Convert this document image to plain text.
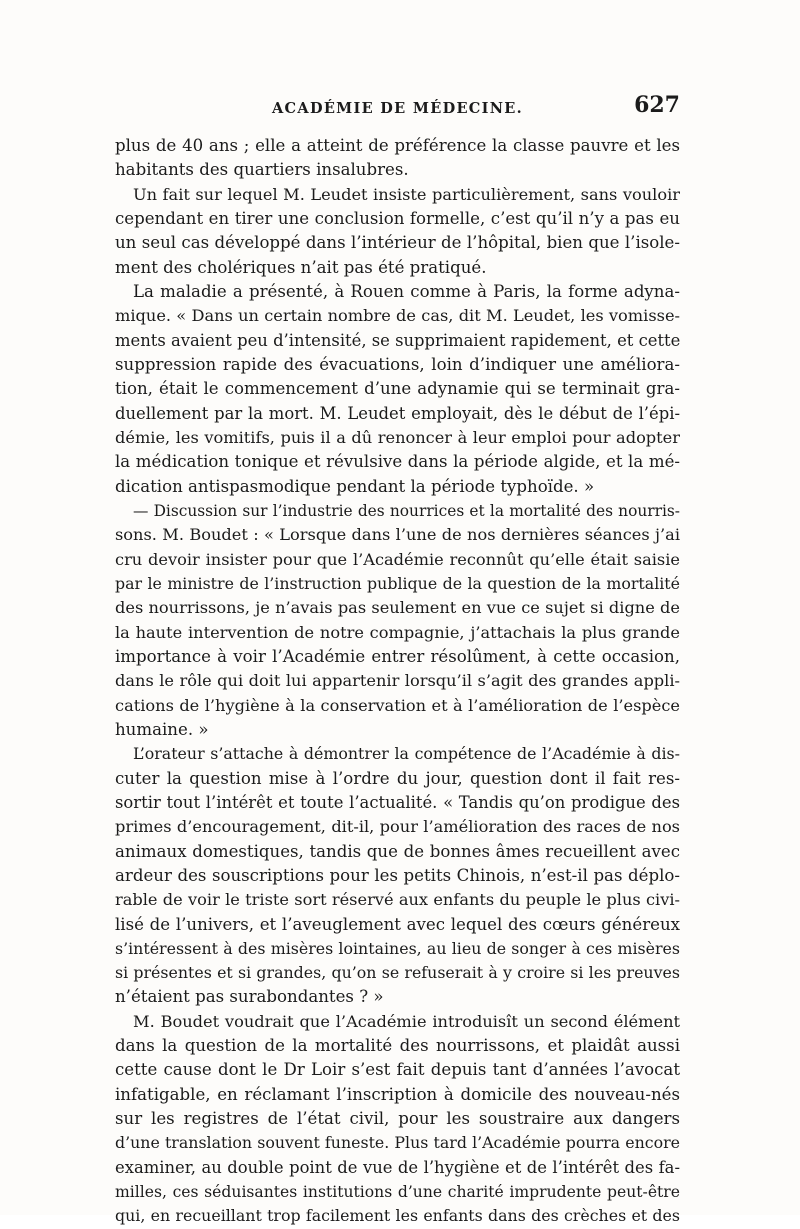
ACADÉMIE DE MÉDECINE.	627
plus de 40 ans ; elle a atteint de préférence la classe pauvre et les
habitants des quartiers insalubres.
Un fait sur lequel M. Leudet insiste particulièrement, sans vouloir
cependant en tirer une conclusion formelle, c’est qu’il n’y a pas eu
un seul cas développé dans l’intérieur de l’hôpital, bien que l’isole-
ment des cholériques n’ait pas été pratiqué.
La maladie a présenté, à Rouen comme à Paris, la forme adyna-
mique. « Dans un certain nombre de cas, dit M. Leudet, les vomisse-
ments avaient peu d’intensité, se supprimaient rapidement, et cette
suppression rapide des évacuations, loin d’indiquer une améliora-
tion, était le commencement d’une adynamie qui se terminait gra-
duellement par la mort. M. Leudet employait, dès le début de l’épi-
démie, les vomitifs, puis il a dû renoncer à leur emploi pour adopter
la médication tonique et révulsive dans la période algide, et la mé-
dication antispasmodique pendant la période typhoïde. »
— Discussion sur l’industrie des nourrices et la mortalité des nourris-
sons. M. Boudet : « Lorsque dans l’une de nos dernières séances j’ai
cru devoir insister pour que l’Académie reconnût qu’elle était saisie
par le ministre de l’instruction publique de la question de la mortalité
des nourrissons, je n’avais pas seulement en vue ce sujet si digne de
la haute intervention de notre compagnie, j’attachais la plus grande
importance à voir l’Académie entrer résolûment, à cette occasion,
dans le rôle qui doit lui appartenir lorsqu’il s’agit des grandes appli-
cations de l’hygiène à la conservation et à l’amélioration de l’espèce
humaine. »
L’orateur s’attache à démontrer la compétence de l’Académie à dis-
cuter la question mise à l’ordre du jour, question dont il fait res-
sortir tout l’intérêt et toute l’actualité. « Tandis qu’on prodigue des
primes d’encouragement, dit-il, pour l’amélioration des races de nos
animaux domestiques, tandis que de bonnes âmes recueillent avec
ardeur des souscriptions pour les petits Chinois, n’est-il pas déplo-
rable de voir le triste sort réservé aux enfants du peuple le plus civi-
lisé de l’univers, et l’aveuglement avec lequel des cœurs généreux
s’intéressent à des misères lointaines, au lieu de songer à ces misères
si présentes et si grandes, qu’on se refuserait à y croire si les preuves
n’étaient pas surabondantes ? »
M. Boudet voudrait que l’Académie introduisît un second élément
dans la question de la mortalité des nourrissons, et plaidât aussi
cette cause dont le Dr Loir s’est fait depuis tant d’années l’avocat
infatigable, en réclamant l’inscription à domicile des nouveau-nés
sur les registres de l’état civil, pour les soustraire aux dangers
d’une translation souvent funeste. Plus tard l’Académie pourra encore
examiner, au double point de vue de l’hygiène et de l’intérêt des fa-
milles, ces séduisantes institutions d’une charité imprudente peut-être
qui, en recueillant trop facilement les enfants dans des crèches et des
